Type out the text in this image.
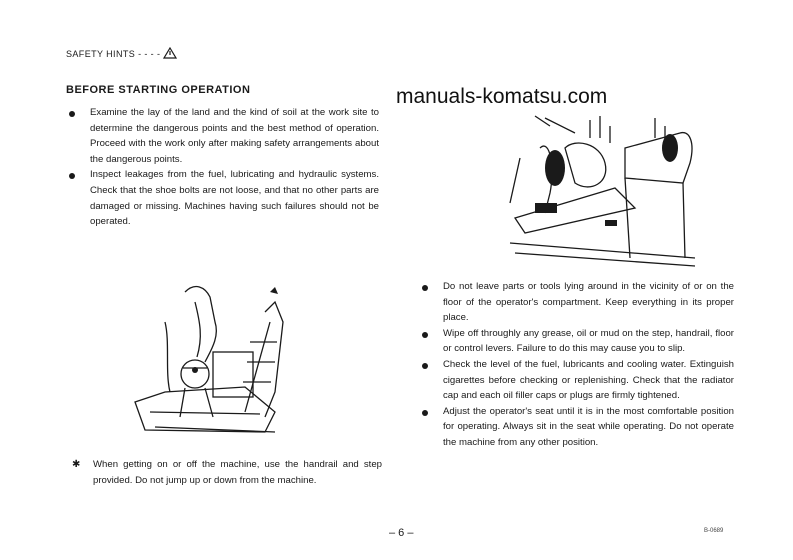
SAFETY HINTS - - - -
BEFORE STARTING OPERATION	manuals-komatsu.com
Examine the lay of the land and the kind of soil at the work site to determine the dangerous points and the best method of operation. Proceed with the work only after making safety arrangements about the dangerous points.
Inspect leakages from the fuel, lubricating and hydraulic systems. Check that the shoe bolts are not loose, and that no other parts are damaged or missing. Machines having such failures should not be operated.
✱	When getting on or off the machine, use the handrail and step provided. Do not jump up or down from the machine.
Do not leave parts or tools lying around in the vicinity of or on the floor of the operator's compartment. Keep everything in its proper place.
Wipe off throughly any grease, oil or mud on the step, handrail, floor or control levers. Failure to do this may cause you to slip.
Check the level of the fuel, lubricants and cooling water. Extinguish cigarettes before checking or replenishing. Check that the radiator cap and each oil filler caps or plugs are firmly tightened.
Adjust the operator's seat until it is in the most comfortable position for operating. Always sit in the seat while operating. Do not operate the machine from any other position.
– 6 –	B-0689
